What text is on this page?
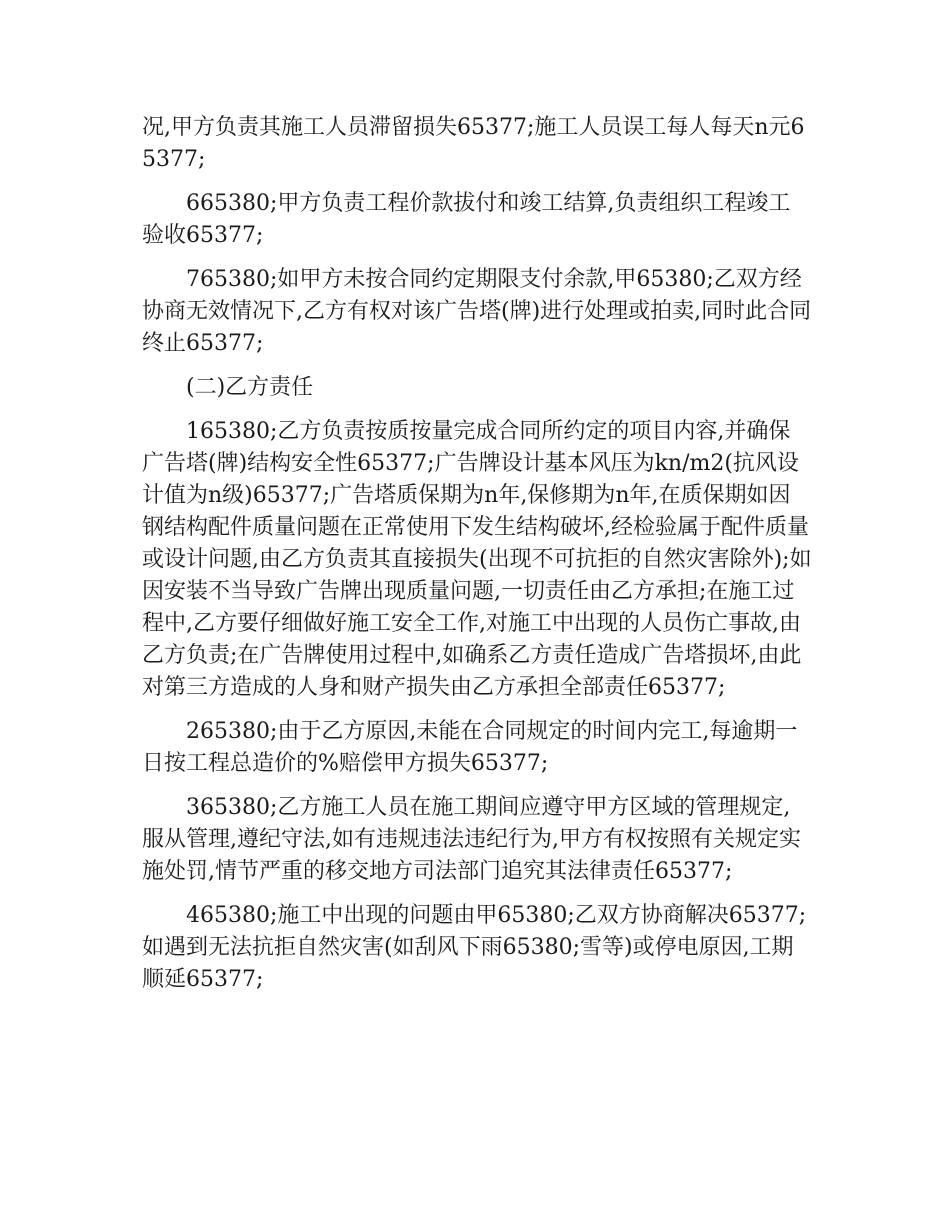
况,甲方负责其施工人员滞留损失65377;施工人员误工每人每天n元65377;

665380;甲方负责工程价款拔付和竣工结算,负责组织工程竣工验收65377;

765380;如甲方未按合同约定期限支付余款,甲65380;乙双方经协商无效情况下,乙方有权对该广告塔(牌)进行处理或拍卖,同时此合同终止65377;

(二)乙方责任

165380;乙方负责按质按量完成合同所约定的项目内容,并确保广告塔(牌)结构安全性65377;广告牌设计基本风压为kn/m2(抗风设计值为n级)65377;广告塔质保期为n年,保修期为n年,在质保期如因钢结构配件质量问题在正常使用下发生结构破坏,经检验属于配件质量或设计问题,由乙方负责其直接损失(出现不可抗拒的自然灾害除外);如因安装不当导致广告牌出现质量问题,一切责任由乙方承担;在施工过程中,乙方要仔细做好施工安全工作,对施工中出现的人员伤亡事故,由乙方负责;在广告牌使用过程中,如确系乙方责任造成广告塔损坏,由此对第三方造成的人身和财产损失由乙方承担全部责任65377;

265380;由于乙方原因,未能在合同规定的时间内完工,每逾期一日按工程总造价的%赔偿甲方损失65377;

365380;乙方施工人员在施工期间应遵守甲方区域的管理规定,服从管理,遵纪守法,如有违规违法违纪行为,甲方有权按照有关规定实施处罚,情节严重的移交地方司法部门追究其法律责任65377;

465380;施工中出现的问题由甲65380;乙双方协商解决65377;如遇到无法抗拒自然灾害(如刮风下雨65380;雪等)或停电原因,工期顺延65377;
